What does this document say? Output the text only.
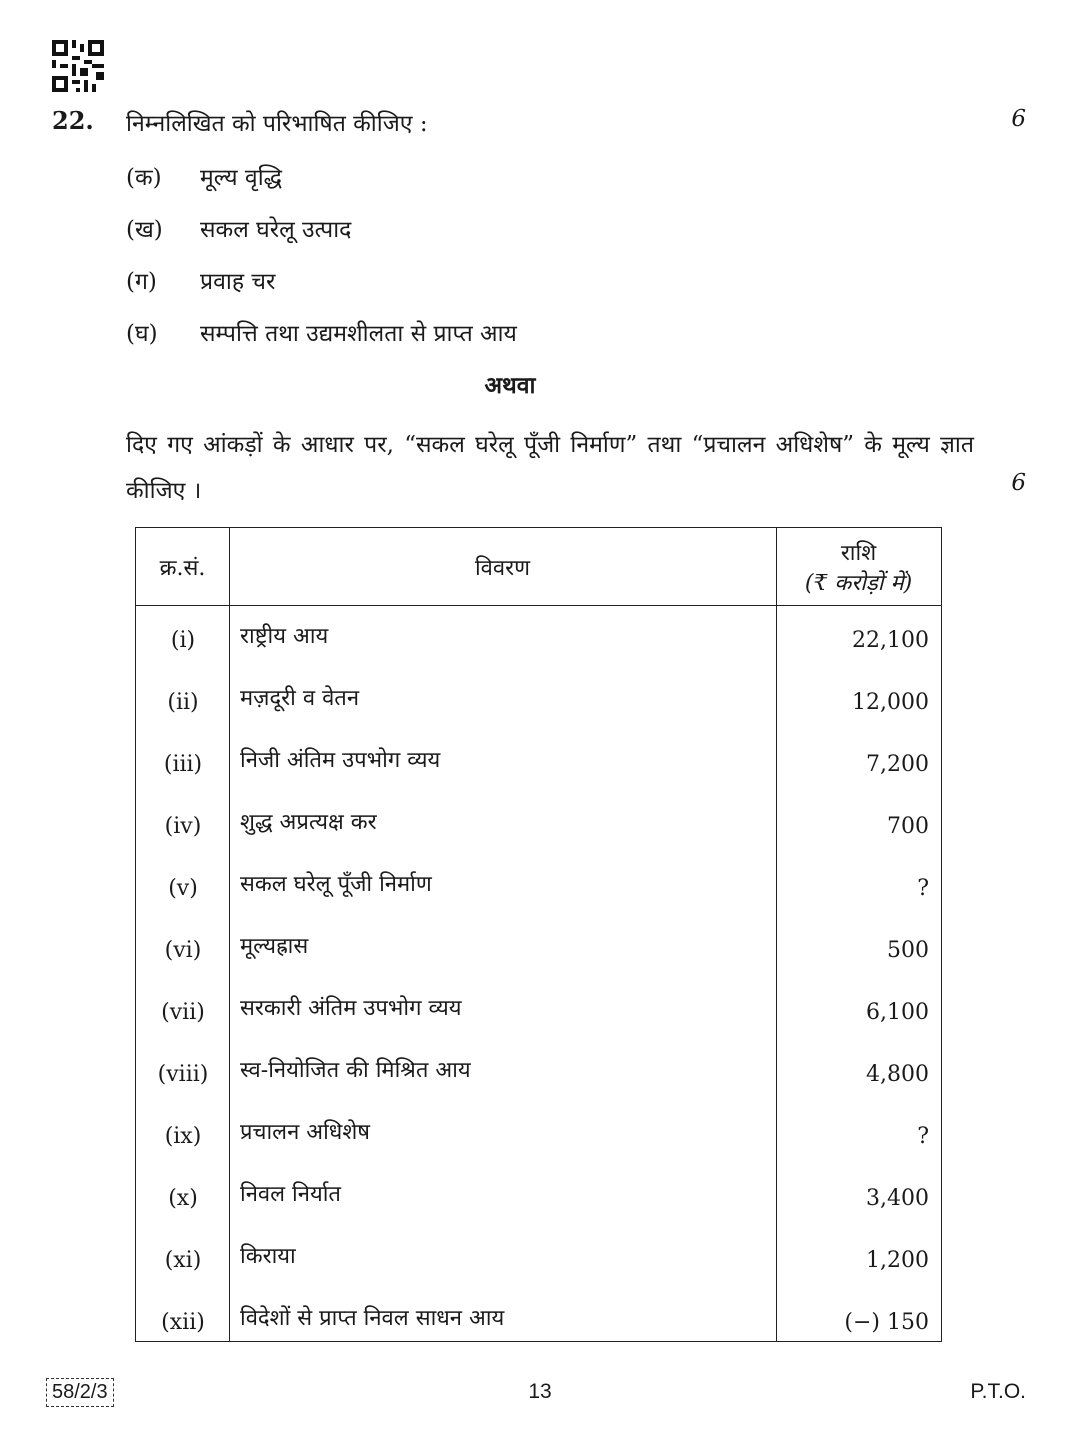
22. निम्नलिखित को परिभाषित कीजिए :	6
(क) मूल्य वृद्धि
(ख) सकल घरेलू उत्पाद
(ग) प्रवाह चर
(घ) सम्पत्ति तथा उद्यमशीलता से प्राप्त आय
अथवा
दिए गए आंकड़ों के आधार पर, “सकल घरेलू पूँजी निर्माण” तथा “प्रचालन अधिशेष” के मूल्य ज्ञात कीजिए ।	6
क्र.सं.	विवरण
राशि
(₹ करोड़ों में)
(i)	राष्ट्रीय आय	22,100
(ii)	मज़दूरी व वेतन	12,000
(iii)	निजी अंतिम उपभोग व्यय	7,200
(iv)	शुद्ध अप्रत्यक्ष कर	700
(v)	सकल घरेलू पूँजी निर्माण	?
(vi)	मूल्यह्रास	500
(vii)	सरकारी अंतिम उपभोग व्यय	6,100
(viii)	स्व-नियोजित की मिश्रित आय	4,800
(ix)	प्रचालन अधिशेष	?
(x)	निवल निर्यात	3,400
(xi)	किराया	1,200
(xii)	विदेशों से प्राप्त निवल साधन आय	(−) 150
58/2/3	13	P.T.O.
